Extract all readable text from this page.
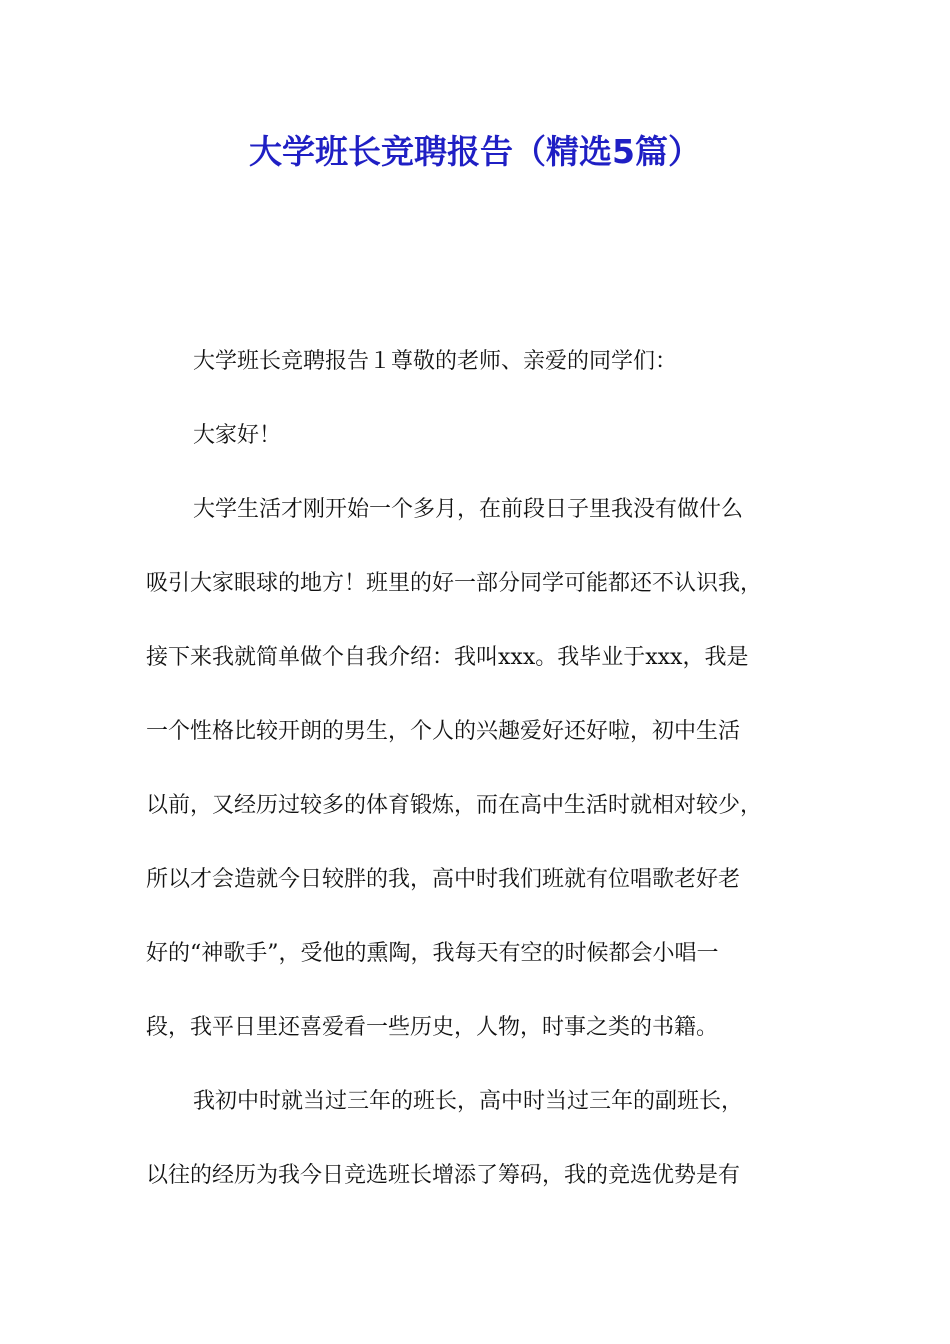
大学班长竞聘报告（精选5篇）

大学班长竞聘报告１尊敬的老师、亲爱的同学们：

大家好！

大学生活才刚开始一个多月，在前段日子里我没有做什么

吸引大家眼球的地方！班里的好一部分同学可能都还不认识我，

接下来我就简单做个自我介绍：我叫xxx。我毕业于xxx，我是

一个性格比较开朗的男生，个人的兴趣爱好还好啦，初中生活

以前，又经历过较多的体育锻炼，而在高中生活时就相对较少，

所以才会造就今日较胖的我，高中时我们班就有位唱歌老好老

好的“神歌手”，受他的熏陶，我每天有空的时候都会小唱一

段，我平日里还喜爱看一些历史，人物，时事之类的书籍。

我初中时就当过三年的班长，高中时当过三年的副班长，

以往的经历为我今日竞选班长增添了筹码，我的竞选优势是有
